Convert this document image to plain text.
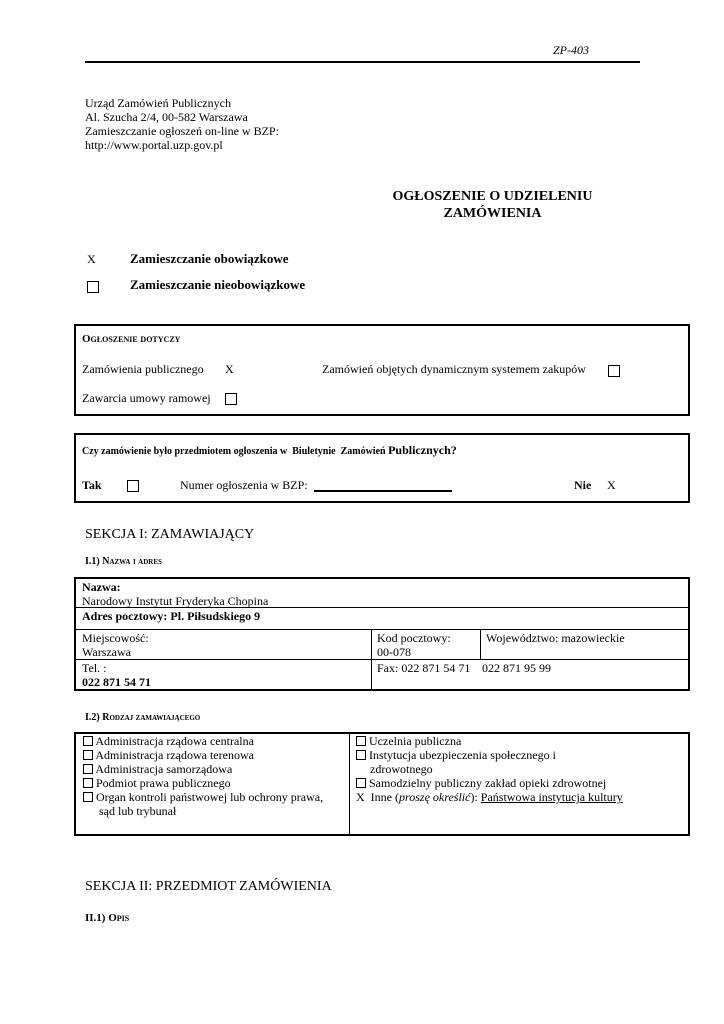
ZP-403
Urząd Zamówień Publicznych
Al. Szucha 2/4, 00-582 Warszawa
Zamieszczanie ogłoszeń on-line w BZP:
http://www.portal.uzp.gov.pl
OGŁOSZENIE O UDZIELENIU
ZAMÓWIENIA
X	Zamieszczanie obowiązkowe
Zamieszczanie nieobowiązkowe
Ogłoszenie dotyczy
Zamówienia publicznego X	Zamówień objętych dynamicznym systemem zakupów
Zawarcia umowy ramowej
Czy zamówienie było przedmiotem ogłoszenia w  Biuletynie  Zamówień Publicznych?
Tak	Numer ogłoszenia w BZP:	Nie X
SEKCJA I: ZAMAWIAJĄCY
I.1) Nazwa i adres
Nazwa:
Narodowy Instytut Fryderyka Chopina
Adres pocztowy: Pl. Piłsudskiego 9
Miejscowość:
Warszawa
Kod pocztowy:
00-078
Województwo: mazowieckie
Tel. :
022 871 54 71
Fax: 022 871 54 71 022 871 95 99
I.2) Rodzaj zamawiającego
Administracja rządowa centralna
Administracja rządowa terenowa
Administracja samorządowa
Podmiot prawa publicznego
Organ kontroli państwowej lub ochrony prawa,
sąd lub trybunał
Uczelnia publiczna
Instytucja ubezpieczenia społecznego i
zdrowotnego
Samodzielny publiczny zakład opieki zdrowotnej
X Inne (proszę określić): Państwowa instytucja kultury
SEKCJA II: PRZEDMIOT ZAMÓWIENIA
II.1) Opis
